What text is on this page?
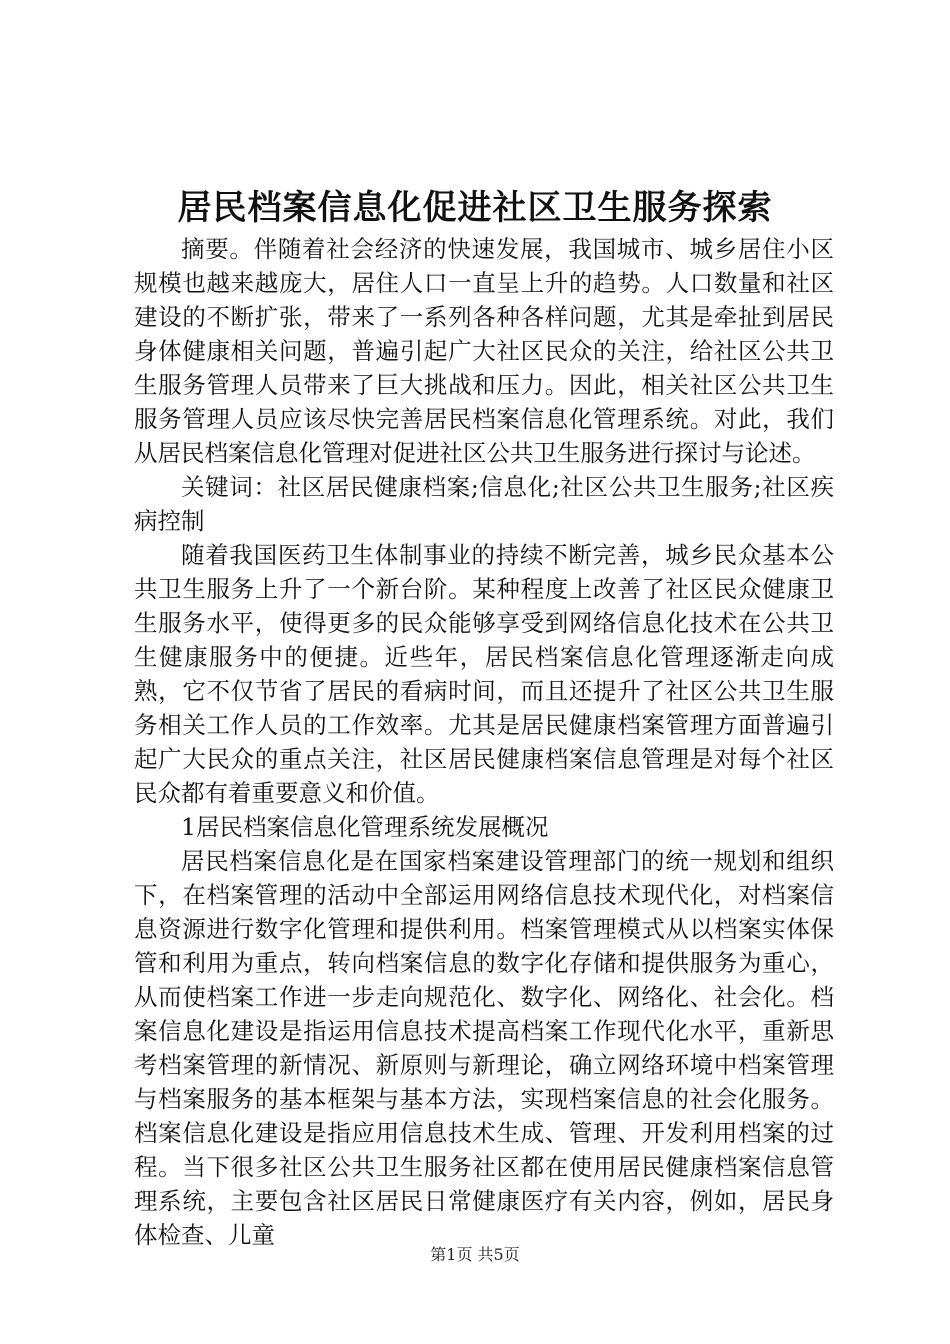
居民档案信息化促进社区卫生服务探索

摘要。伴随着社会经济的快速发展，我国城市、城乡居住小区规模也越来越庞大，居住人口一直呈上升的趋势。人口数量和社区建设的不断扩张，带来了一系列各种各样问题，尤其是牵扯到居民身体健康相关问题，普遍引起广大社区民众的关注，给社区公共卫生服务管理人员带来了巨大挑战和压力。因此，相关社区公共卫生服务管理人员应该尽快完善居民档案信息化管理系统。对此，我们从居民档案信息化管理对促进社区公共卫生服务进行探讨与论述。

关键词：社区居民健康档案;信息化;社区公共卫生服务;社区疾病控制

随着我国医药卫生体制事业的持续不断完善，城乡民众基本公共卫生服务上升了一个新台阶。某种程度上改善了社区民众健康卫生服务水平，使得更多的民众能够享受到网络信息化技术在公共卫生健康服务中的便捷。近些年，居民档案信息化管理逐渐走向成熟，它不仅节省了居民的看病时间，而且还提升了社区公共卫生服务相关工作人员的工作效率。尤其是居民健康档案管理方面普遍引起广大民众的重点关注，社区居民健康档案信息管理是对每个社区民众都有着重要意义和价值。

1居民档案信息化管理系统发展概况

居民档案信息化是在国家档案建设管理部门的统一规划和组织下，在档案管理的活动中全部运用网络信息技术现代化，对档案信息资源进行数字化管理和提供利用。档案管理模式从以档案实体保管和利用为重点，转向档案信息的数字化存储和提供服务为重心，从而使档案工作进一步走向规范化、数字化、网络化、社会化。档案信息化建设是指运用信息技术提高档案工作现代化水平，重新思考档案管理的新情况、新原则与新理论，确立网络环境中档案管理与档案服务的基本框架与基本方法，实现档案信息的社会化服务。档案信息化建设是指应用信息技术生成、管理、开发利用档案的过程。当下很多社区公共卫生服务社区都在使用居民健康档案信息管理系统，主要包含社区居民日常健康医疗有关内容，例如，居民身体检查、儿童

第1页 共5页
